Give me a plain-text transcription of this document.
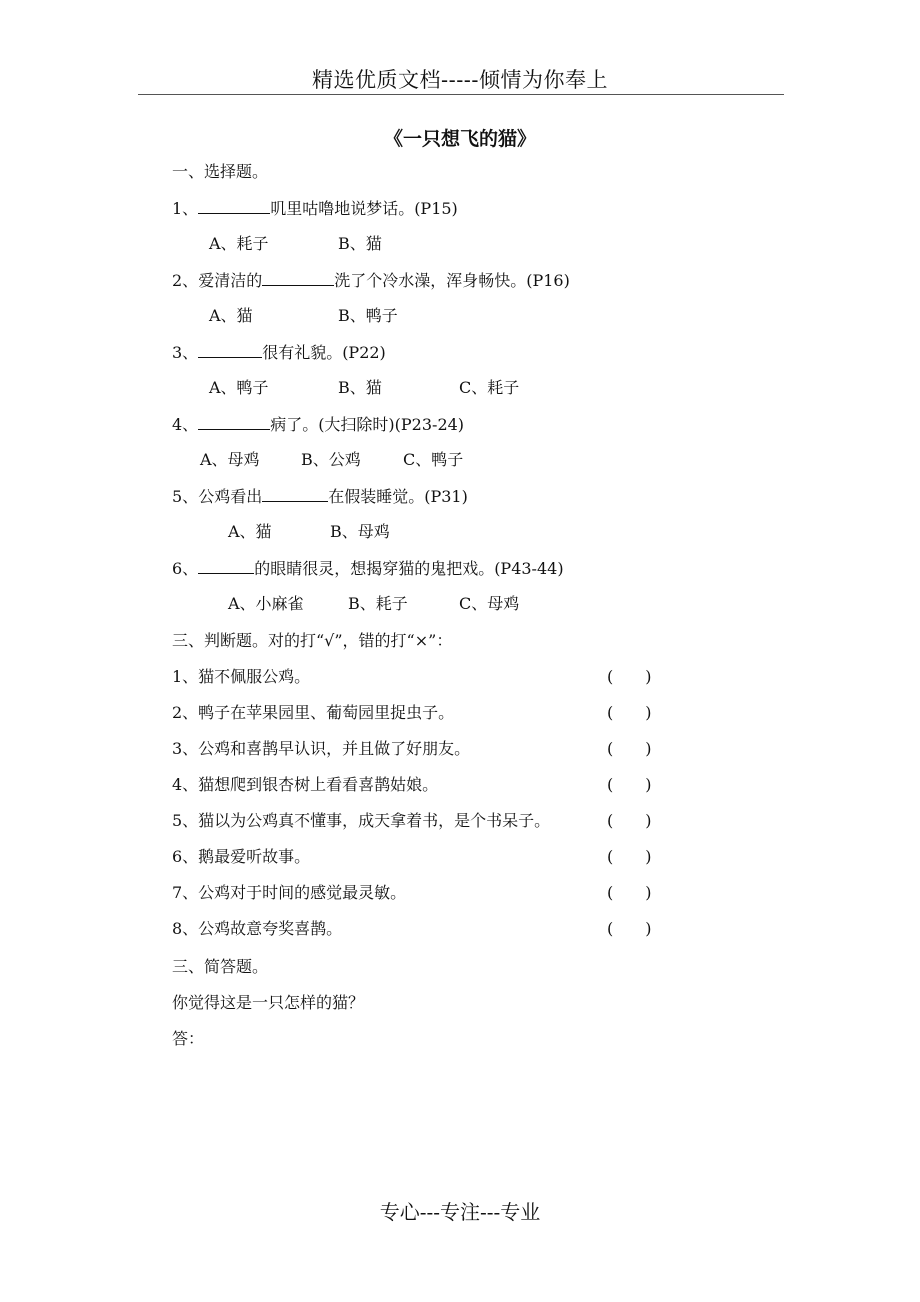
精选优质文档-----倾情为你奉上
《一只想飞的猫》
一、选择题。
1、	叽里咕噜地说梦话。(P15)
A、耗子	B、猫
2、爱清洁的	洗了个冷水澡，浑身畅快。(P16)
A、猫	B、鸭子
3、	很有礼貌。(P22)
A、鸭子	B、猫	C、耗子
4、	病了。(大扫除时)(P23-24)
A、母鸡	B、公鸡	C、鸭子
5、公鸡看出	在假装睡觉。(P31)
A、猫	B、母鸡
6、	的眼睛很灵，想揭穿猫的鬼把戏。(P43-44)
A、小麻雀	B、耗子	C、母鸡
三、判断题。对的打“√”，错的打“×”：
1、猫不佩服公鸡。	(　　)
2、鸭子在苹果园里、葡萄园里捉虫子。	(　　)
3、公鸡和喜鹊早认识，并且做了好朋友。	(　　)
4、猫想爬到银杏树上看看喜鹊姑娘。	(　　)
5、猫以为公鸡真不懂事，成天拿着书，是个书呆子。	(　　)
6、鹅最爱听故事。	(　　)
7、公鸡对于时间的感觉最灵敏。	(　　)
8、公鸡故意夸奖喜鹊。	(　　)
三、简答题。
你觉得这是一只怎样的猫？
答：
专心---专注---专业
